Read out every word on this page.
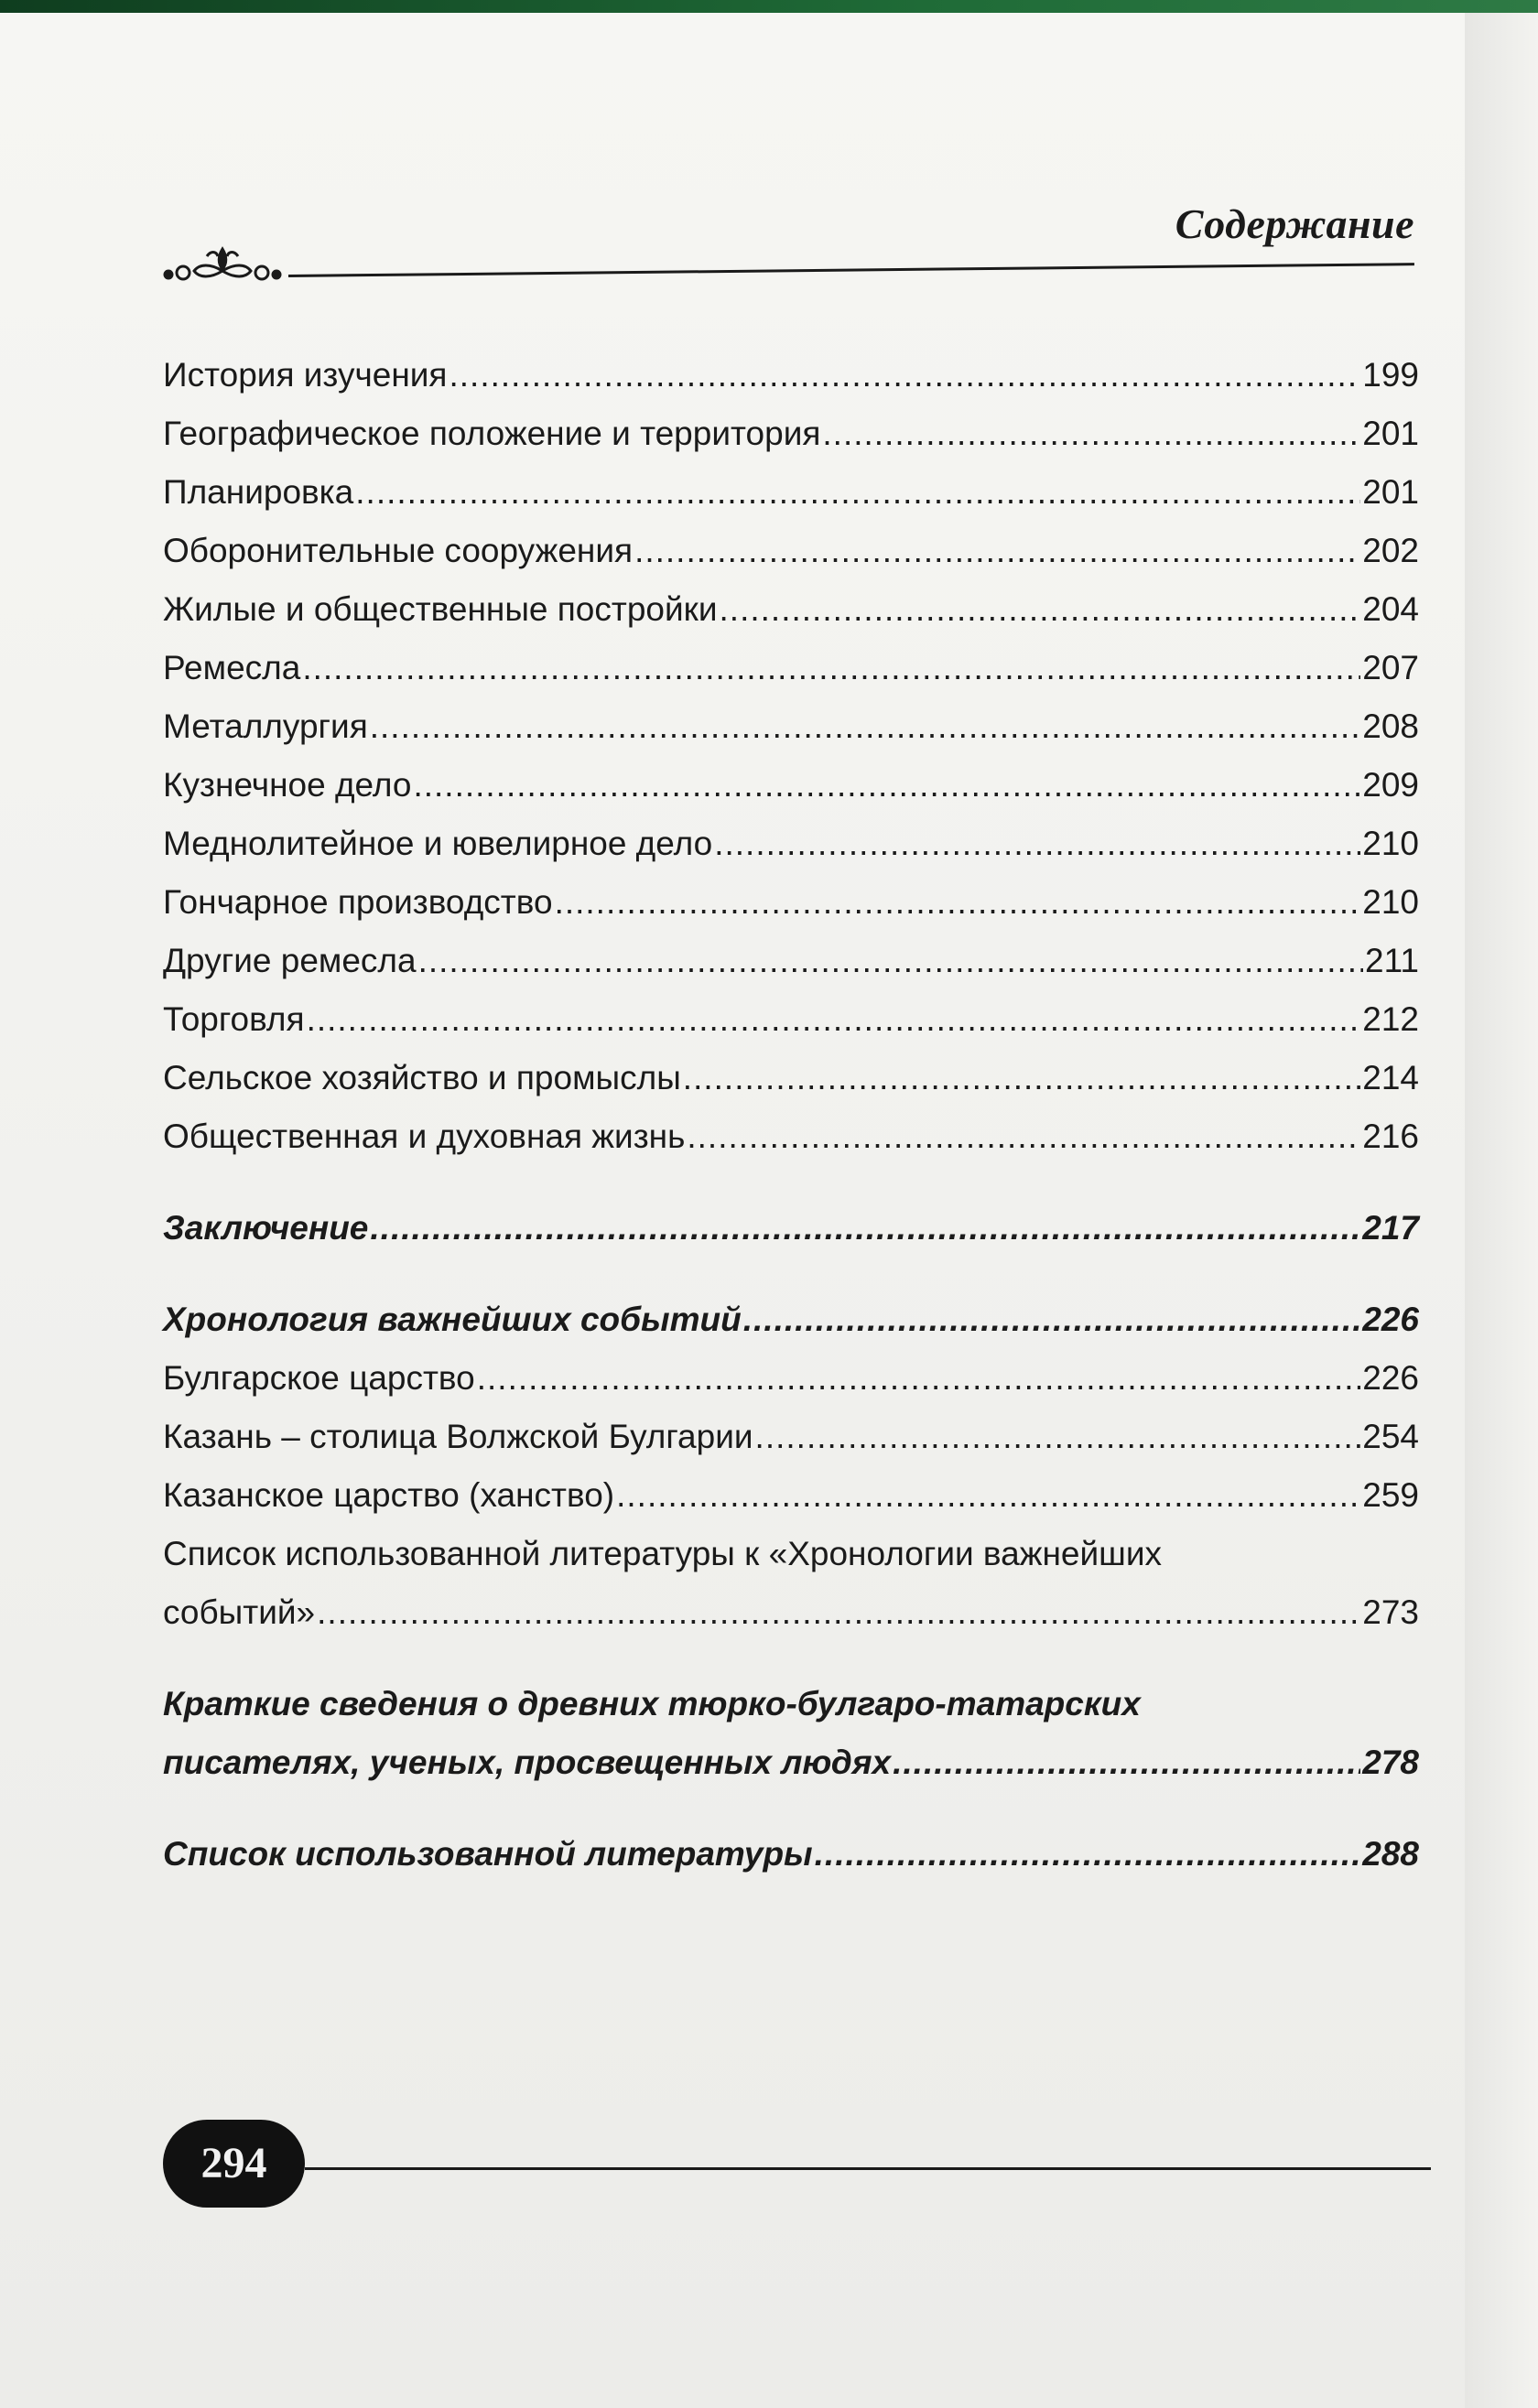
Содержание
История изучения .....	199
Географическое положение и территория .....	201
Планировка .....	201
Оборонительные сооружения .....	202
Жилые и общественные постройки .....	204
Ремесла .....	207
Металлургия .....	208
Кузнечное дело .....	209
Меднолитейное и ювелирное дело .....	210
Гончарное производство .....	210
Другие ремесла .....	211
Торговля .....	212
Сельское хозяйство и промыслы .....	214
Общественная и духовная жизнь .....	216
Заключение .....	217
Хронология важнейших событий .....	226
Булгарское царство .....	226
Казань – столица Волжской Булгарии .....	254
Казанское царство (ханство) .....	259
Список использованной литературы к «Хронологии важнейших
событий» .....	273
Краткие сведения о древних тюрко-булгаро-татарских
писателях, ученых, просвещенных людях .....	278
Список использованной литературы .....	288
294
